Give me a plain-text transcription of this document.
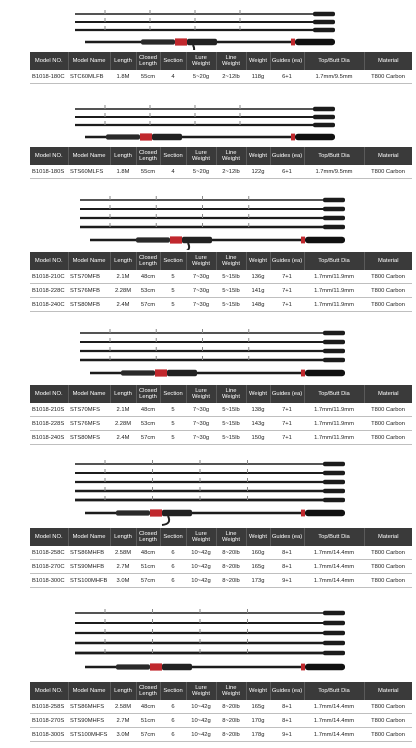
Model NO.	Model Name	Length	Closed Length	Section	Lure Weight	Line Weight	Weight	Guides (ea)	Top/Butt Dia	Material
B1018-180C	STC60MLFB	1.8M	55cm	4	5~20g	2~12lb	118g	6+1	1.7mm/9.5mm	T800 Carbon
Model NO.	Model Name	Length	Closed Length	Section	Lure Weight	Line Weight	Weight	Guides (ea)	Top/Butt Dia	Material
B1018-180S	STS60MLFS	1.8M	55cm	4	5~20g	2~12lb	122g	6+1	1.7mm/9.5mm	T800 Carbon
Model NO.	Model Name	Length	Closed Length	Section	Lure Weight	Line Weight	Weight	Guides (ea)	Top/Butt Dia	Material
B1018-210C	STS70MFB	2.1M	48cm	5	7~30g	5~15lb	136g	7+1	1.7mm/11.9mm	T800 Carbon
B1018-228C	STS76MFB	2.28M	53cm	5	7~30g	5~15lb	141g	7+1	1.7mm/11.9mm	T800 Carbon
B1018-240C	STS80MFB	2.4M	57cm	5	7~30g	5~15lb	148g	7+1	1.7mm/11.9mm	T800 Carbon
Model NO.	Model Name	Length	Closed Length	Section	Lure Weight	Line Weight	Weight	Guides (ea)	Top/Butt Dia	Material
B1018-210S	STS70MFS	2.1M	48cm	5	7~30g	5~15lb	138g	7+1	1.7mm/11.9mm	T800 Carbon
B1018-228S	STS76MFS	2.28M	53cm	5	7~30g	5~15lb	143g	7+1	1.7mm/11.9mm	T800 Carbon
B1018-240S	STS80MFS	2.4M	57cm	5	7~30g	5~15lb	150g	7+1	1.7mm/11.9mm	T800 Carbon
Model NO.	Model Name	Length	Closed Length	Section	Lure Weight	Line Weight	Weight	Guides (ea)	Top/Butt Dia	Material
B1018-258C	STS86MHFB	2.58M	48cm	6	10~42g	8~20lb	160g	8+1	1.7mm/14.4mm	T800 Carbon
B1018-270C	STS90MHFB	2.7M	51cm	6	10~42g	8~20lb	165g	8+1	1.7mm/14.4mm	T800 Carbon
B1018-300C	STS100MHFB	3.0M	57cm	6	10~42g	8~20lb	173g	9+1	1.7mm/14.4mm	T800 Carbon
Model NO.	Model Name	Length	Closed Length	Section	Lure Weight	Line Weight	Weight	Guides (ea)	Top/Butt Dia	Material
B1018-258S	STS86MHFS	2.58M	48cm	6	10~42g	8~20lb	165g	8+1	1.7mm/14.4mm	T800 Carbon
B1018-270S	STS90MHFS	2.7M	51cm	6	10~42g	8~20lb	170g	8+1	1.7mm/14.4mm	T800 Carbon
B1018-300S	STS100MHFS	3.0M	57cm	6	10~42g	8~20lb	178g	9+1	1.7mm/14.4mm	T800 Carbon
